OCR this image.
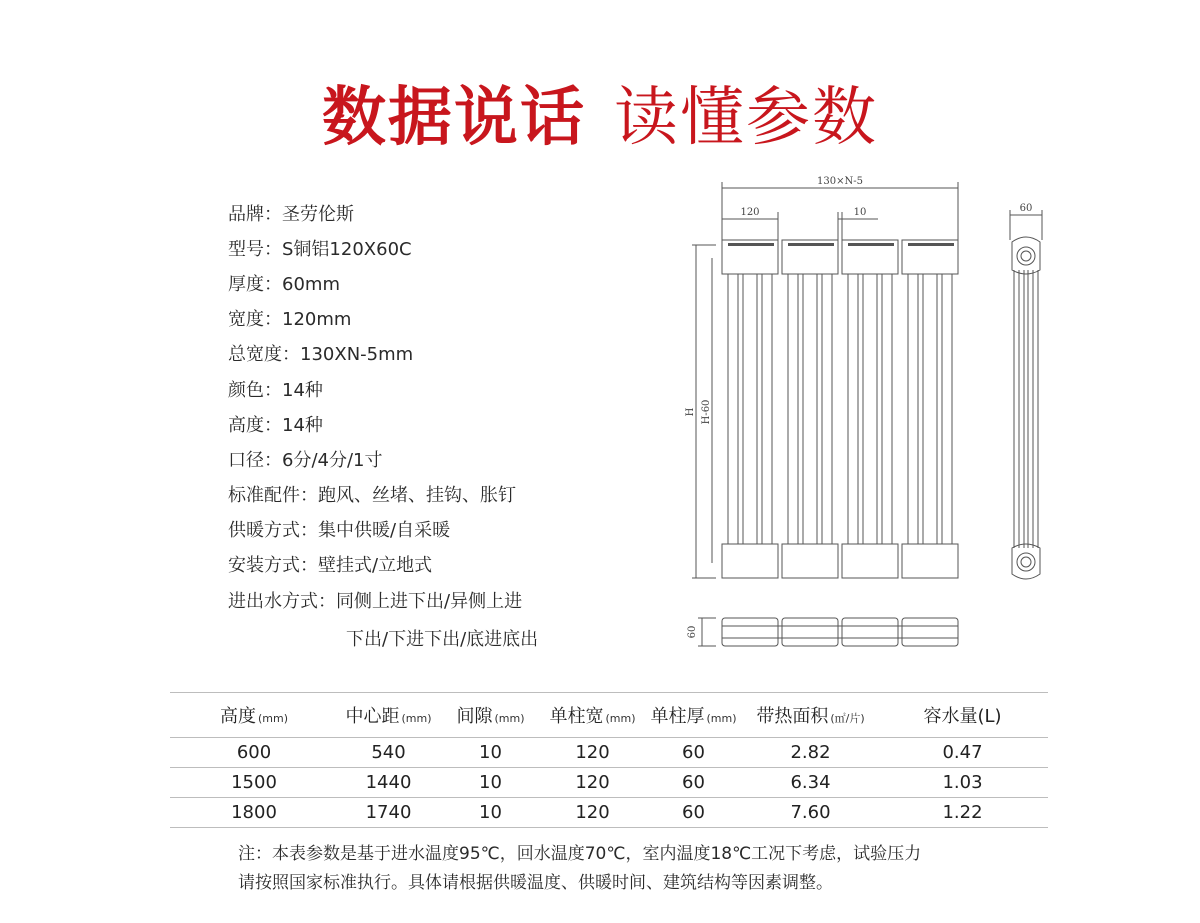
数据说话 读懂参数
品牌：圣劳伦斯
型号：S铜铝120X60C
厚度：60mm
宽度：120mm
总宽度：130XN-5mm
颜色：14种
高度：14种
口径：6分/4分/1寸
标准配件：跑风、丝堵、挂钩、胀钉
供暖方式：集中供暖/自采暖
安装方式：壁挂式/立地式
进出水方式：同侧上进下出/异侧上进
下出/下进下出/底进底出
130×N-5
120	10	60
H H-60
60
高度 (mm)	中心距 (mm)	间隙 (mm)	单柱宽 (mm)	单柱厚 (mm)	带热面积 (㎡/片)	容水量(L)
600	540	10	120	60	2.82	0.47
1500	1440	10	120	60	6.34	1.03
1800	1740	10	120	60	7.60	1.22
注：本表参数是基于进水温度95℃，回水温度70℃，室内温度18℃工况下考虑，试验压力
请按照国家标准执行。具体请根据供暖温度、供暖时间、建筑结构等因素调整。
